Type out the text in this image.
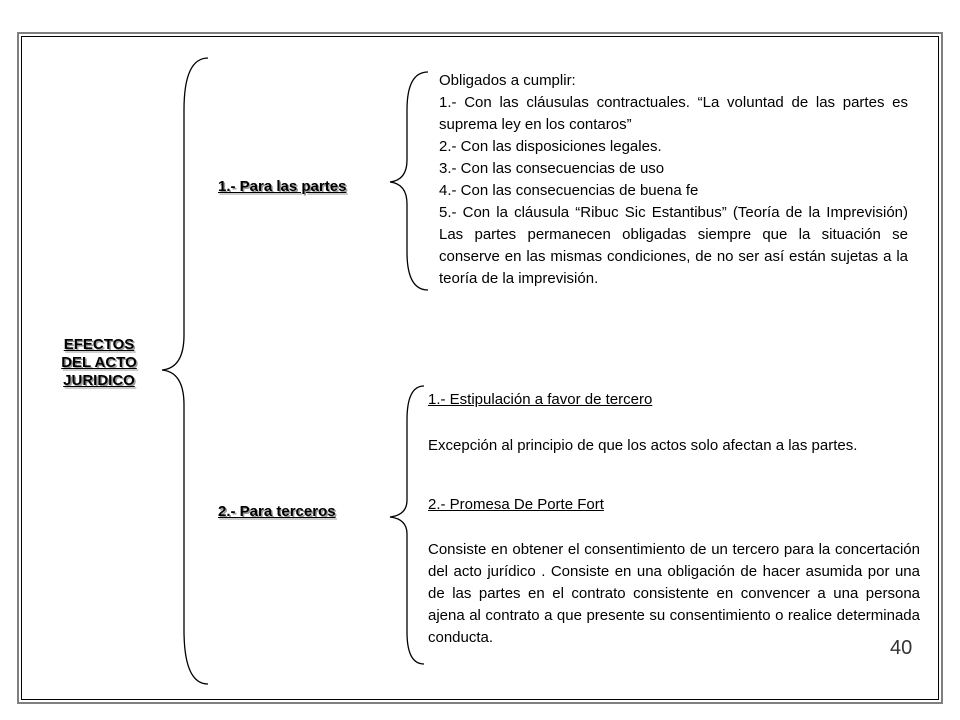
EFECTOS
DEL ACTO
JURIDICO
1.- Para las partes
2.- Para terceros
Obligados a cumplir:
1.- Con las cláusulas contractuales. “La voluntad de las partes es suprema ley en los contaros”
2.- Con las disposiciones legales.
3.- Con las consecuencias de uso
4.- Con las consecuencias de buena fe
5.- Con la cláusula “Ribuc Sic Estantibus” (Teoría de la Imprevisión) Las partes permanecen obligadas siempre que la situación se conserve en las mismas condiciones, de no ser así están sujetas a la teoría de la imprevisión.
1.- Estipulación a favor de tercero
Excepción al principio de que los actos solo afectan a las partes.
2.- Promesa De Porte Fort
Consiste en obtener el consentimiento de un tercero para la concertación del acto jurídico . Consiste en una obligación de hacer asumida por una de las partes en el contrato consistente en convencer a una persona ajena al contrato a que presente su consentimiento o realice determinada conducta.	40
